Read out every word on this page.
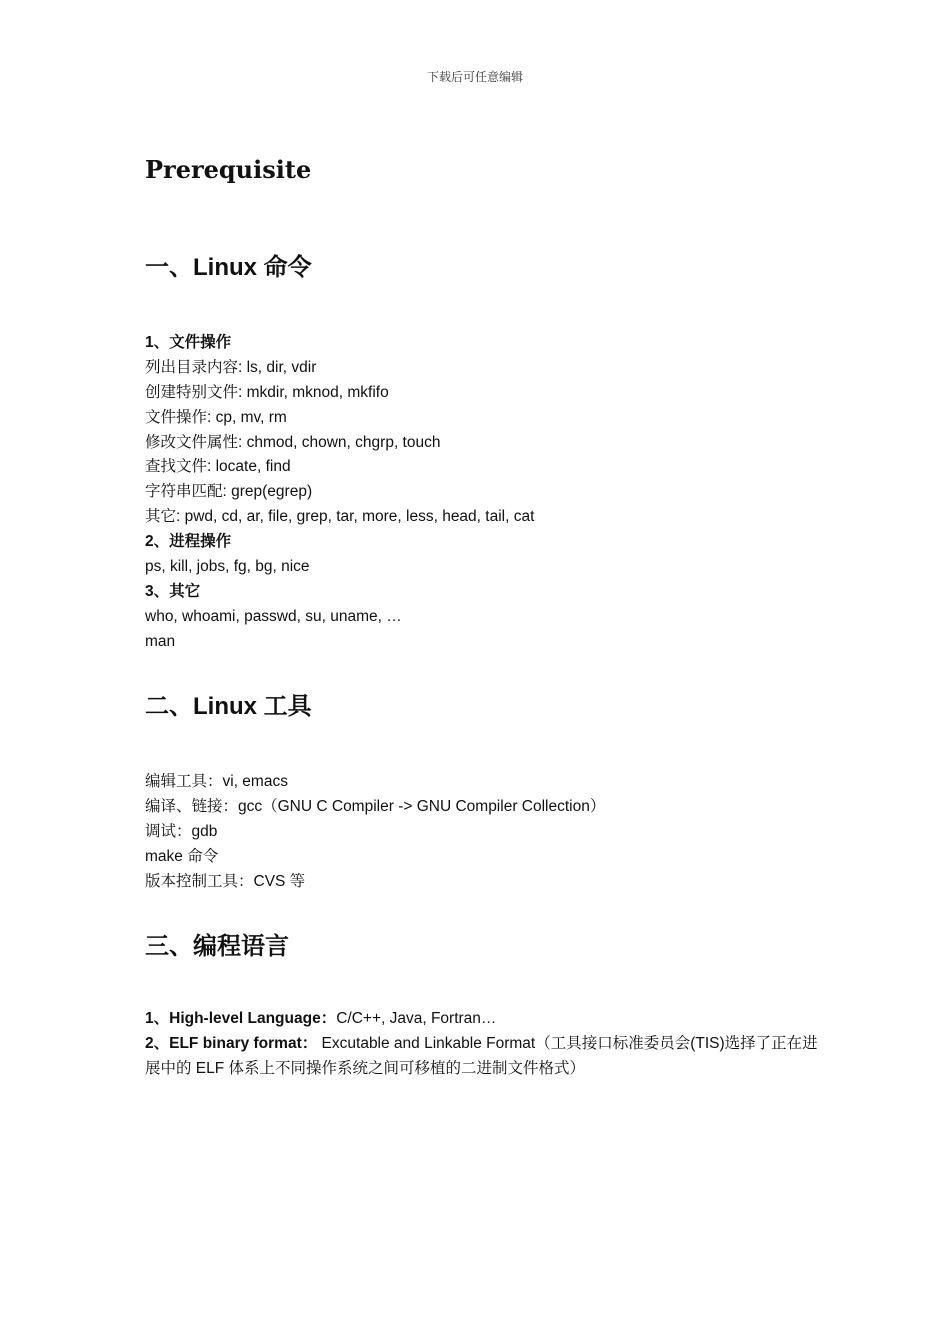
下载后可任意编辑
Prerequisite
一、Linux 命令
1、文件操作
列出目录内容: ls, dir, vdir
创建特别文件: mkdir, mknod, mkfifo
文件操作: cp, mv, rm
修改文件属性: chmod, chown, chgrp, touch
查找文件: locate, find
字符串匹配: grep(egrep)
其它: pwd, cd, ar, file, grep, tar, more, less, head, tail, cat
2、进程操作
ps, kill, jobs, fg, bg, nice
3、其它
who, whoami, passwd, su, uname, …
man
二、Linux 工具
编辑工具：vi, emacs
编译、链接：gcc（GNU C Compiler -> GNU Compiler Collection）
调试：gdb
make 命令
版本控制工具：CVS 等
三、编程语言
1、High-level Language：C/C++, Java, Fortran…
2、ELF binary format： Excutable and Linkable Format（工具接口标准委员会(TIS)选择了正在进展中的 ELF 体系上不同操作系统之间可移植的二进制文件格式）
